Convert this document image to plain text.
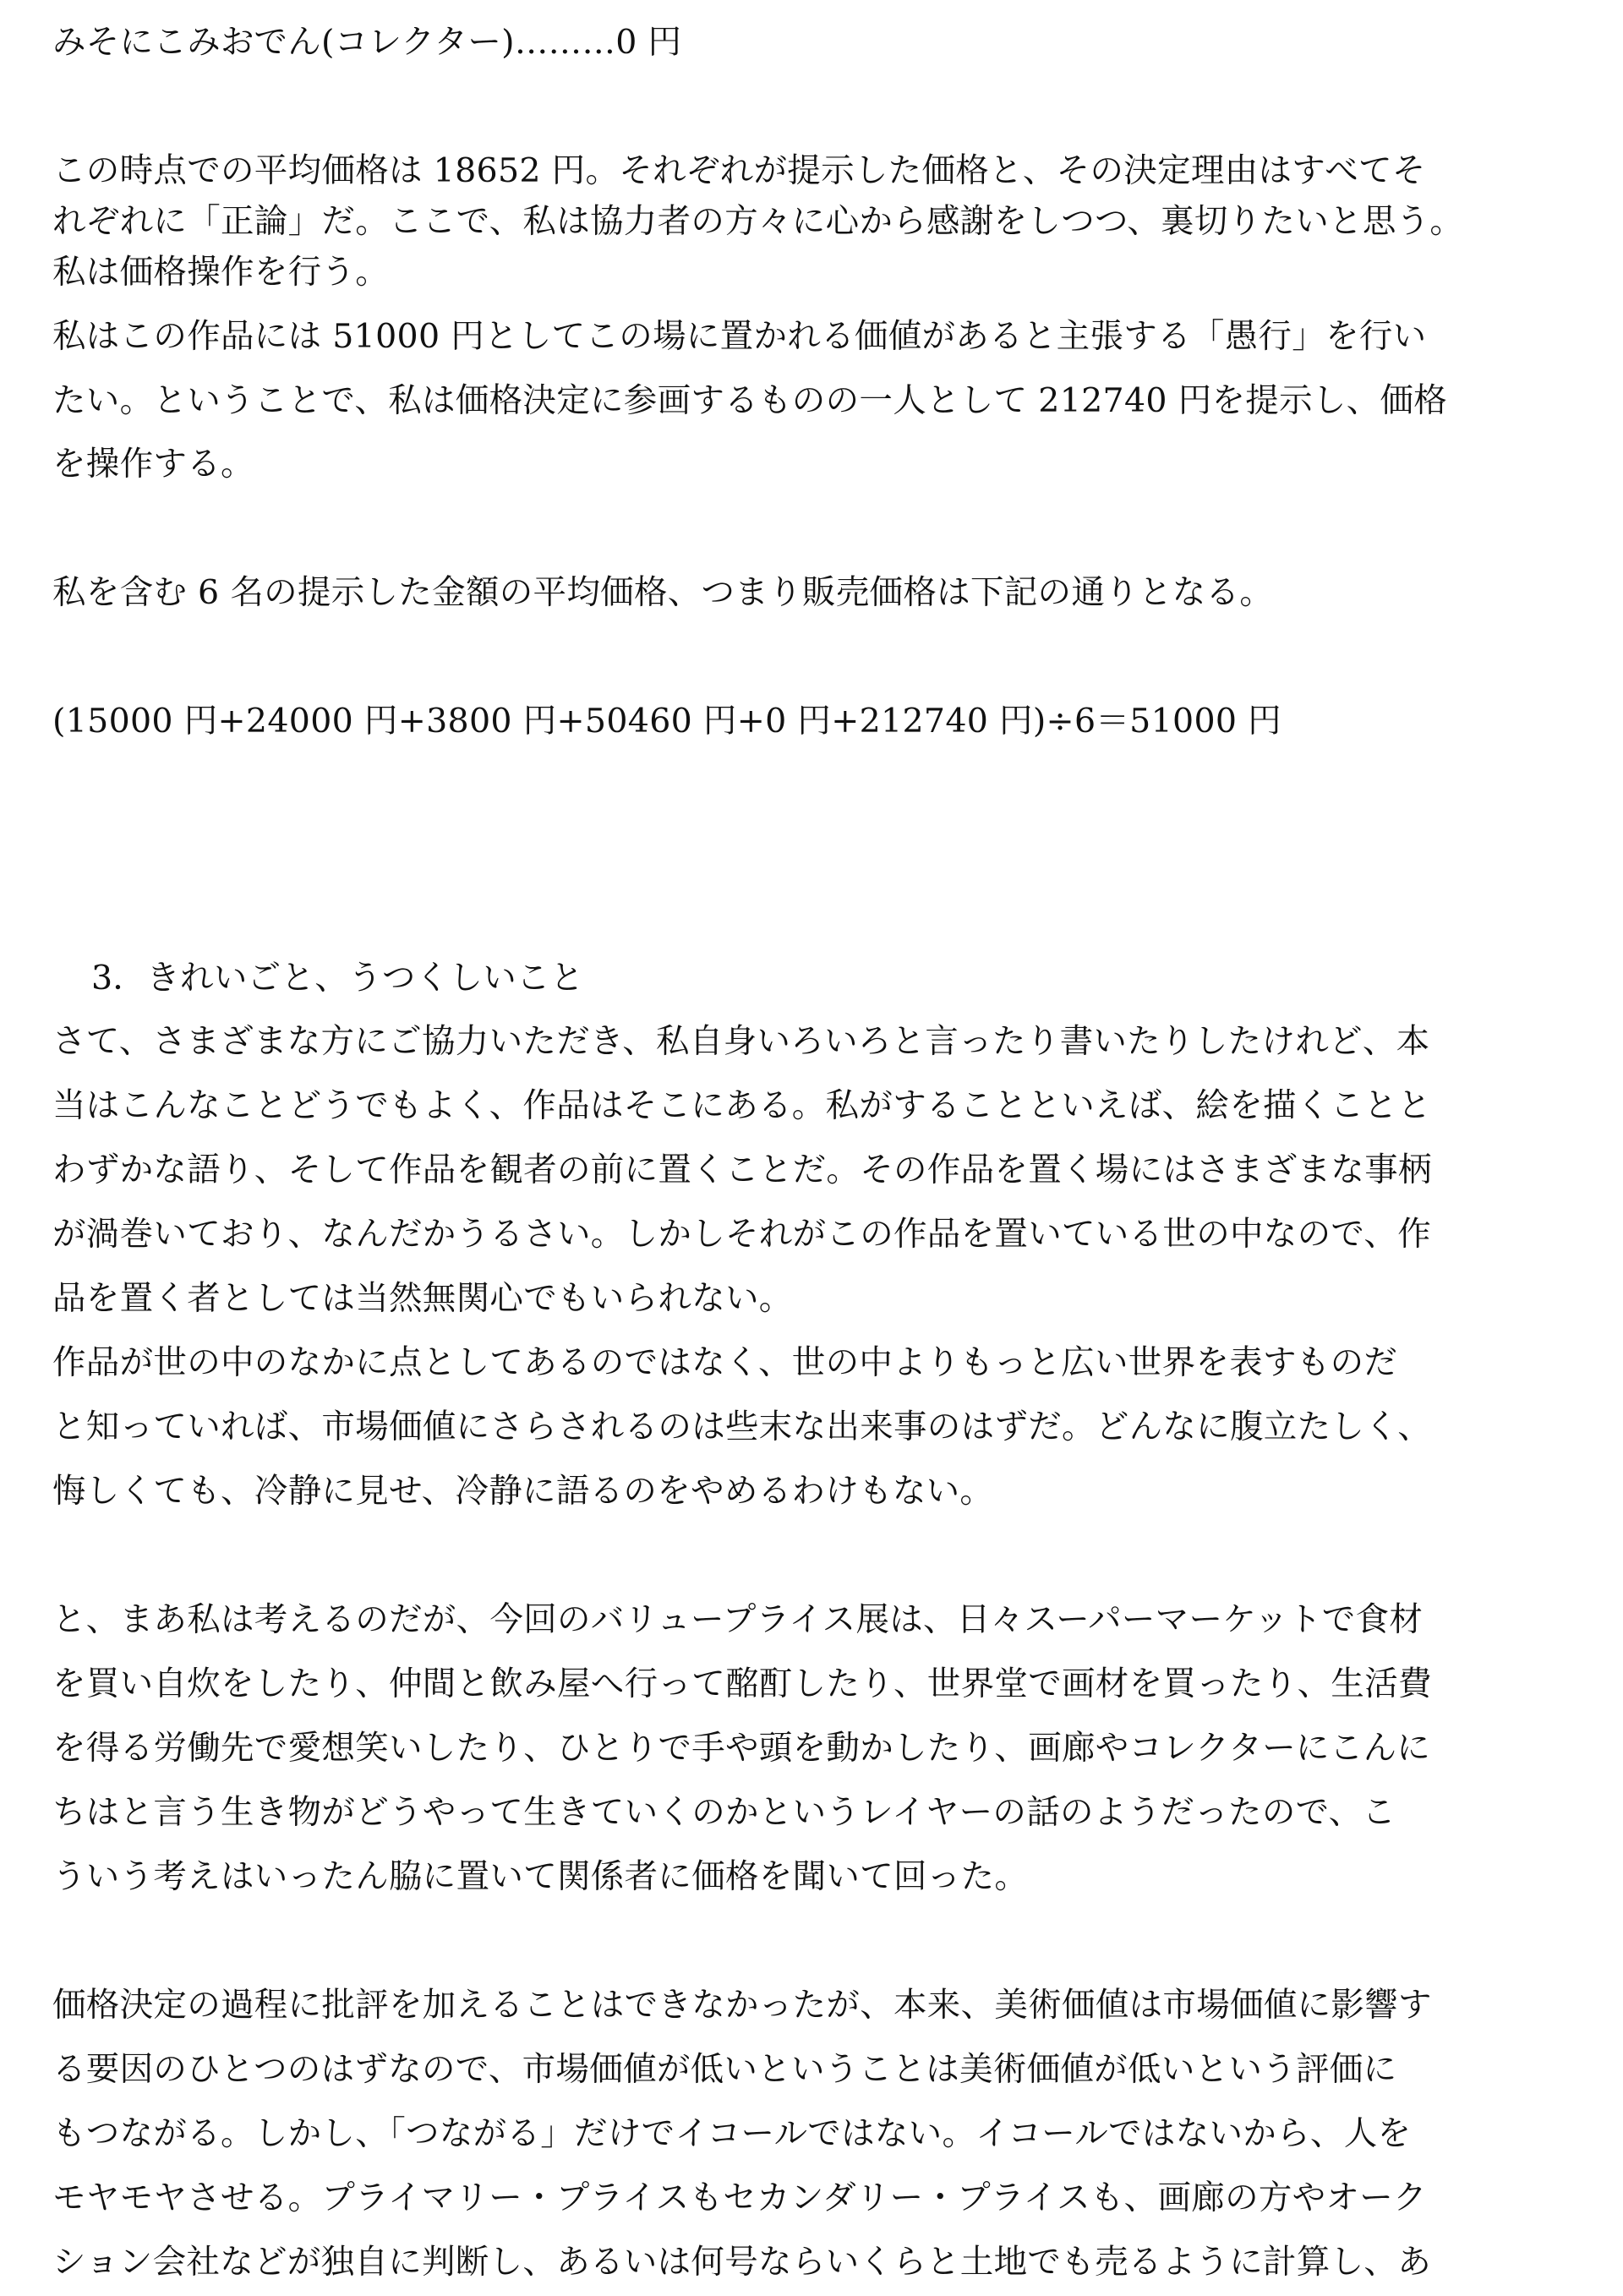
みそにこみおでん(コレクター)………0 円

この時点での平均価格は 18652 円。それぞれが提示した価格と、その決定理由はすべてそ

れぞれに「正論」だ。ここで、私は協力者の方々に心から感謝をしつつ、裏切りたいと思う。

私は価格操作を行う。

私はこの作品には 51000 円としてこの場に置かれる価値があると主張する「愚行」を行い

たい。ということで、私は価格決定に参画するものの一人として 212740 円を提示し、価格

を操作する。

私を含む 6 名の提示した金額の平均価格、つまり販売価格は下記の通りとなる。

(15000 円+24000 円+3800 円+50460 円+0 円+212740 円)÷6＝51000 円

3．きれいごと、うつくしいこと

さて、さまざまな方にご協力いただき、私自身いろいろと言ったり書いたりしたけれど、本

当はこんなことどうでもよく、作品はそこにある。私がすることといえば、絵を描くことと

わずかな語り、そして作品を観者の前に置くことだ。その作品を置く場にはさまざまな事柄

が渦巻いており、なんだかうるさい。しかしそれがこの作品を置いている世の中なので、作

品を置く者としては当然無関心でもいられない。

作品が世の中のなかに点としてあるのではなく、世の中よりもっと広い世界を表すものだ

と知っていれば、市場価値にさらされるのは些末な出来事のはずだ。どんなに腹立たしく、

悔しくても、冷静に見せ、冷静に語るのをやめるわけもない。

と、まあ私は考えるのだが、今回のバリュープライス展は、日々スーパーマーケットで食材

を買い自炊をしたり、仲間と飲み屋へ行って酩酊したり、世界堂で画材を買ったり、生活費

を得る労働先で愛想笑いしたり、ひとりで手や頭を動かしたり、画廊やコレクターにこんに

ちはと言う生き物がどうやって生きていくのかというレイヤーの話のようだったので、こ

ういう考えはいったん脇に置いて関係者に価格を聞いて回った。

価格決定の過程に批評を加えることはできなかったが、本来、美術価値は市場価値に影響す

る要因のひとつのはずなので、市場価値が低いということは美術価値が低いという評価に

もつながる。しかし、「つながる」だけでイコールではない。イコールではないから、人を

モヤモヤさせる。プライマリー・プライスもセカンダリー・プライスも、画廊の方やオーク

ション会社などが独自に判断し、あるいは何号ならいくらと土地でも売るように計算し、あ
